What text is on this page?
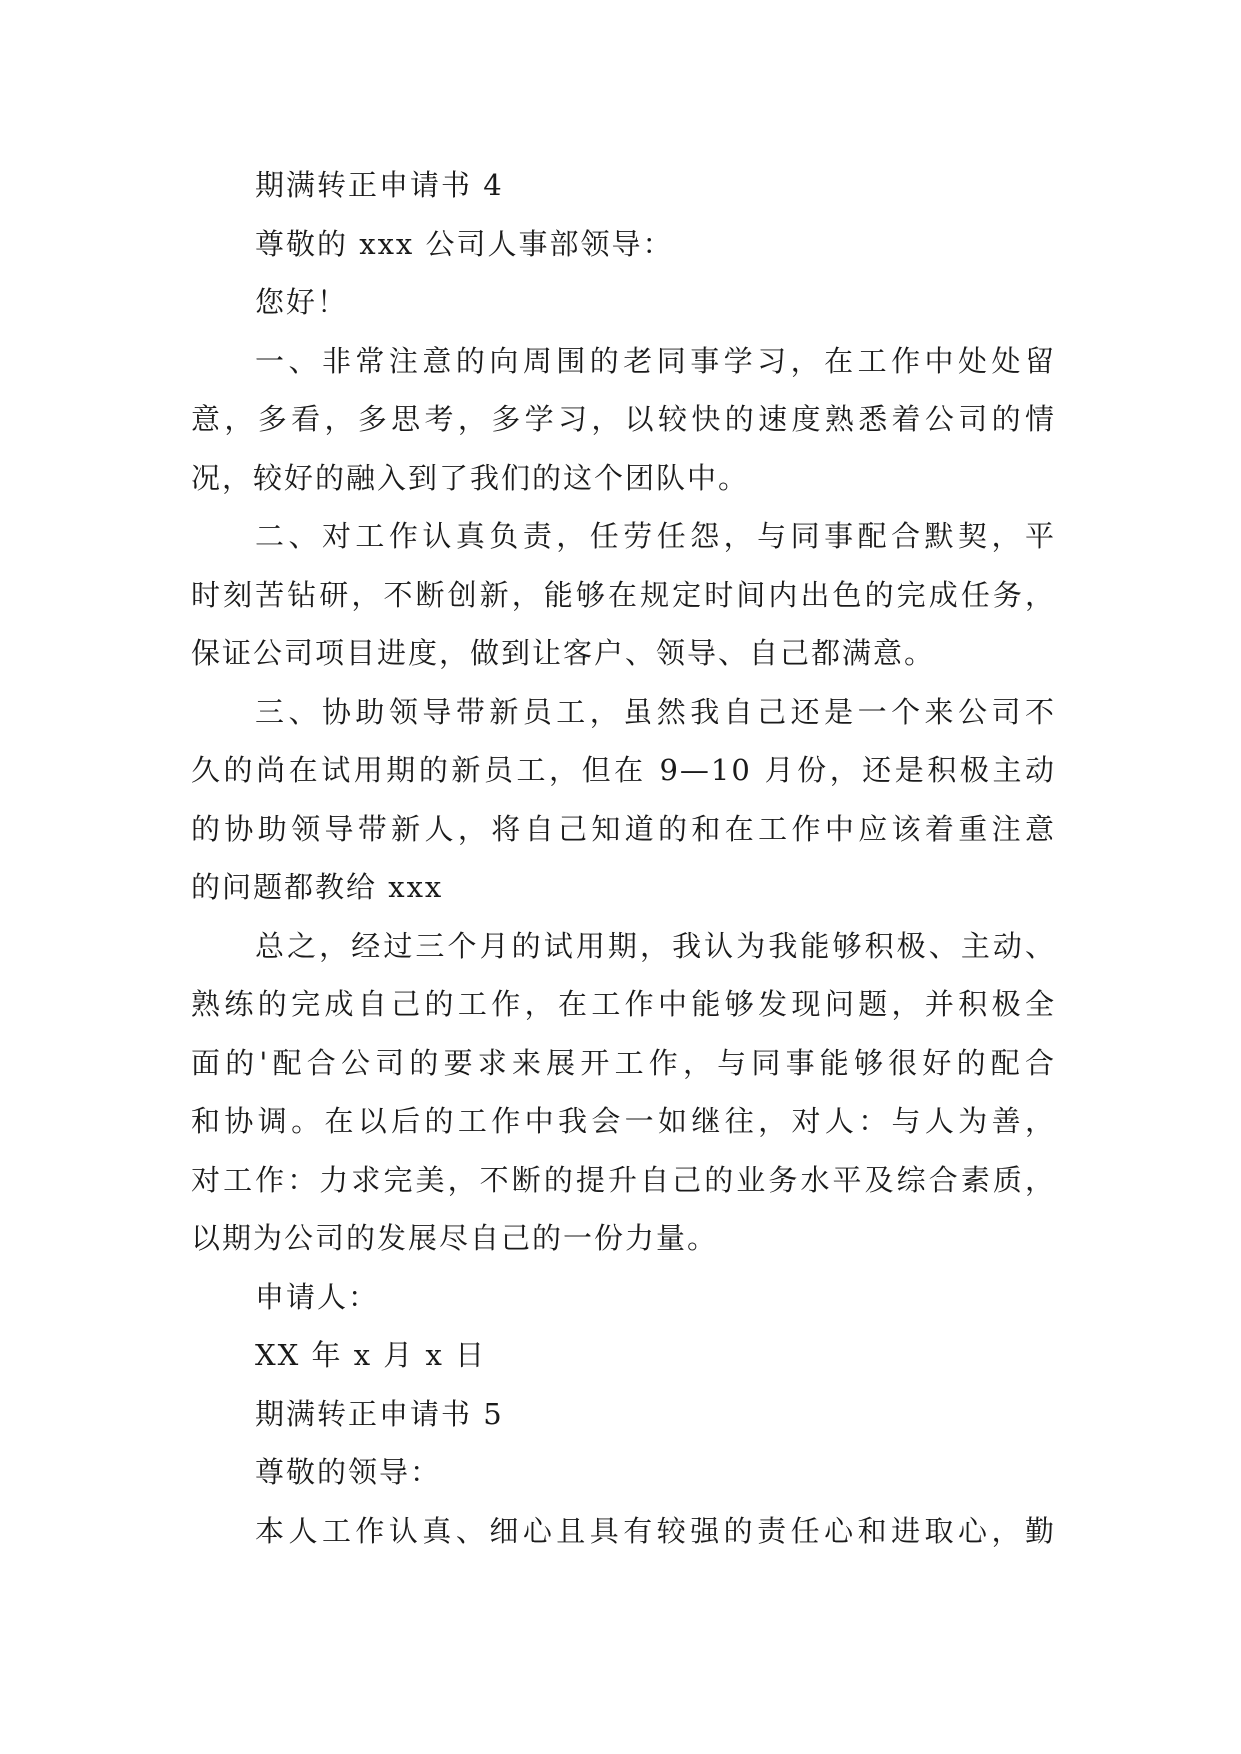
期满转正申请书 4

尊敬的 xxx 公司人事部领导：

您好！

一、非常注意的向周围的老同事学习，在工作中处处留

意，多看，多思考，多学习，以较快的速度熟悉着公司的情

况，较好的融入到了我们的这个团队中。

二、对工作认真负责，任劳任怨，与同事配合默契，平

时刻苦钻研，不断创新，能够在规定时间内出色的完成任务，

保证公司项目进度，做到让客户、领导、自己都满意。

三、协助领导带新员工，虽然我自己还是一个来公司不

久的尚在试用期的新员工，但在 9—10 月份，还是积极主动

的协助领导带新人，将自己知道的和在工作中应该着重注意

的问题都教给 xxx

总之，经过三个月的试用期，我认为我能够积极、主动、

熟练的完成自己的工作，在工作中能够发现问题，并积极全

面的'配合公司的要求来展开工作，与同事能够很好的配合

和协调。在以后的工作中我会一如继往，对人：与人为善，

对工作：力求完美，不断的提升自己的业务水平及综合素质，

以期为公司的发展尽自己的一份力量。

申请人：

XX 年 x 月 x 日

期满转正申请书 5

尊敬的领导：

本人工作认真、细心且具有较强的责任心和进取心，勤
